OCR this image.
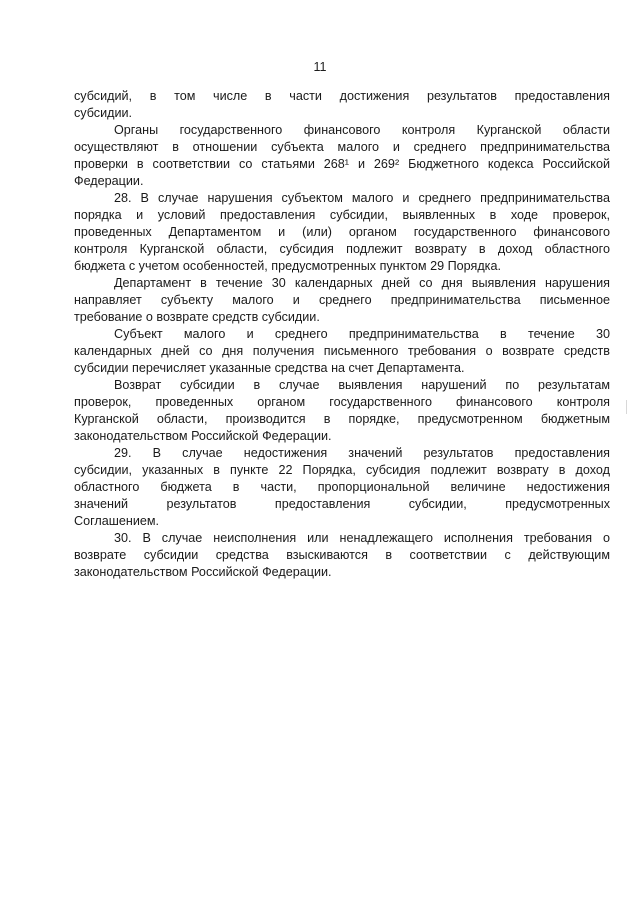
11
субсидий, в том числе в части достижения результатов предоставления
субсидии.
Органы государственного финансового контроля Курганской области
осуществляют в отношении субъекта малого и среднего предпринимательства
проверки в соответствии со статьями 268¹ и 269² Бюджетного кодекса Российской
Федерации.
28. В случае нарушения субъектом малого и среднего предпринимательства
порядка и условий предоставления субсидии, выявленных в ходе проверок,
проведенных Департаментом и (или) органом государственного финансового
контроля Курганской области, субсидия подлежит возврату в доход областного
бюджета с учетом особенностей, предусмотренных пунктом 29 Порядка.
Департамент в течение 30 календарных дней со дня выявления нарушения
направляет субъекту малого и среднего предпринимательства письменное
требование о возврате средств субсидии.
Субъект малого и среднего предпринимательства в течение 30
календарных дней со дня получения письменного требования о возврате средств
субсидии перечисляет указанные средства на счет Департамента.
Возврат субсидии в случае выявления нарушений по результатам
проверок, проведенных органом государственного финансового контроля
Курганской области, производится в порядке, предусмотренном бюджетным
законодательством Российской Федерации.
29. В случае недостижения значений результатов предоставления
субсидии, указанных в пункте 22 Порядка, субсидия подлежит возврату в доход
областного бюджета в части, пропорциональной величине недостижения
значений результатов предоставления субсидии, предусмотренных
Соглашением.
30. В случае неисполнения или ненадлежащего исполнения требования о
возврате субсидии средства взыскиваются в соответствии с действующим
законодательством Российской Федерации.
